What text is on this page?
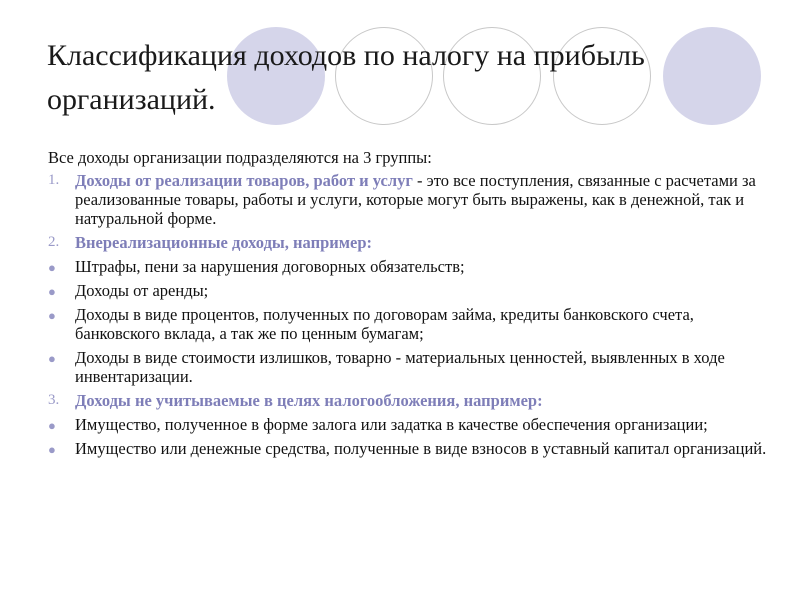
Классификация доходов по налогу на прибыль организаций.

Все доходы организации подразделяются на 3 группы:

1. Доходы от реализации товаров, работ и услуг - это все поступления, связанные с расчетами за реализованные товары, работы и услуги, которые могут быть выражены, как в денежной, так и натуральной форме.
2. Внереализационные доходы, например:
●	Штрафы, пени за нарушения договорных обязательств;
●	Доходы от аренды;
●	Доходы в виде процентов, полученных по договорам займа, кредиты банковского счета, банковского вклада, а так же по ценным бумагам;
●	Доходы в виде стоимости излишков, товарно - материальных ценностей, выявленных в ходе инвентаризации.
3. Доходы не учитываемые в целях налогообложения, например:
●	Имущество, полученное в форме залога или задатка в качестве обеспечения организации;
●	Имущество или денежные средства, полученные в виде взносов в уставный капитал организаций.
